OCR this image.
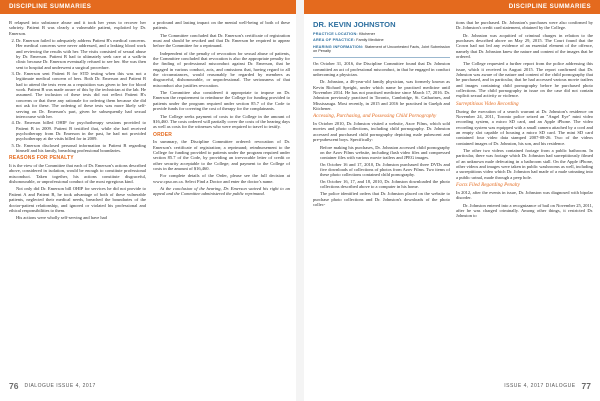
DISCIPLINE SUMMARIES	DISCIPLINE SUMMARIES

B relapsed into substance abuse and it took her years to recover her sobriety. Patient B was clearly a vulnerable patient, exploited by Dr. Emerson.

2. Dr. Emerson failed to adequately address Patient B's medical concerns. Her medical concerns were never addressed, and a leaking blood work and reviewing the results with her. The visits consisted of sexual abuse by Dr. Emerson. Patient B had to ultimately seek care at a walk-in clinic because Dr. Emerson eventually refused to see her. She was then sent to hospital and underwent a surgical procedure.
3. Dr. Emerson sent Patient B for STD testing when this was not a legitimate medical concern of hers. Both Dr. Emerson and Patient B had to attend the tests even as a requisition was given to her for blood work. Patient B was made aware of this by the technician at the lab. He assumed. The inclusion of these tests did not reflect Patient B's concerns or that there any rationale for ordering them because she did not ask for these. The ordering of these tests was more likely self-serving on Dr. Emerson's part, given he subsequently had sexual intercourse with her.
4. Dr. Emerson billed OHIP for psychotherapy sessions provided to Patient B in 2009. Patient B testified that, while she had received psychotherapy from Dr. Emerson in the past, he had not provided psychotherapy at the visits billed for in 2009.
5. Dr. Emerson disclosed personal information to Patient B regarding himself and his family, breaching professional boundaries.
REASONS FOR PENALTY

It is the view of the Committee that each of Dr. Emerson's actions described above, considered in isolation, would be enough to constitute professional misconduct. Taken together, his actions constitute disgraceful, dishonourable, or unprofessional conduct of the most egregious kind.

Not only did Dr. Emerson bill OHIP for services he did not provide to Patient A and Patient B, he took advantage of both of these vulnerable patients, neglected their medical needs, breached the boundaries of the doctor-patient relationship, and ignored or violated his professional and ethical responsibilities to them.

His actions were wholly self-serving and have had

a profound and lasting impact on the mental well-being of both of these patients.

The Committee concluded that Dr. Emerson's certificate of registration must and should be revoked and that Dr. Emerson be required to appear before the Committee for a reprimand.

Independent of the penalty of revocation for sexual abuse of patients, the Committee concluded that revocation is also the appropriate penalty for the finding of professional misconduct against Dr. Emerson, that he engaged in various conduct, acts, and omissions that, having regard to all the circumstances, would reasonably be regarded by members as disgraceful, dishonourable, or unprofessional. The seriousness of that misconduct also justifies revocation.

The Committee also considered it appropriate to impose on Dr. Emerson the requirement to reimburse the College for funding provided to patients under the program required under section 85.7 of the Code to provide funds for covering the cost of therapy for the complainants.

The College seeks payment of costs to the College in the amount of $16,460. The costs ordered will partially cover the costs of the hearing days as well as costs for the witnesses who were required to travel to testify.

ORDER

In summary, the Discipline Committee ordered: revocation of Dr. Emerson's certificate of registration; a reprimand; reimbursement to the College for funding provided to patients under the program required under section 85.7 of the Code, by providing an irrevocable letter of credit or other security acceptable to the College; and payment to the College of costs in the amount of $16,460.

For complete details of the Order, please see the full decision at www.cpso.on.ca. Select Find a Doctor and enter the doctor's name.

At the conclusion of the hearing, Dr. Emerson waived his right to an appeal and the Committee administered the public reprimand.

DR. KEVIN JOHNSTON
PRACTICE LOCATION: Kitchener
AREA OF PRACTICE: Family Medicine
HEARING INFORMATION: Statement of Uncontested Facts, Joint Submission on Penalty

On October 31, 2016, the Discipline Committee found that Dr. Johnston committed an act of professional misconduct, in that he engaged in conduct unbecoming a physician.

Dr. Johnston, a 46-year-old family physician, was formerly known as Kevin Richard Speight, under which name he practised medicine until November 2014. He has not practised medicine since March 17, 2016. Dr. Johnston previously practised in Toronto, Cambridge, St. Catharines, and Mississauga. Most recently, in 2015 and 2016 he practised in Guelph and Kitchener.

Accessing, Purchasing, and Possessing Child Pornography

In October 2010, Dr. Johnston visited a website, Azov Films, which sold movies and photo collections, including child pornography. Dr. Johnston accessed and purchased child pornography depicting male pubescent and pre-pubescent boys. Specifically:

• Before making his purchases, Dr. Johnston accessed child pornography on the Azov Films website, including flash video files and compressed container files with various movie trailers and JPEG images.
• On October 16 and 17, 2010, Dr. Johnston purchased three DVDs and five downloads of collections of photos from Azov Films. Two items of these photo collections contained child pornography.
• On October 16, 17, and 18, 2010, Dr. Johnston downloaded the photo collections described above to a computer in his home.

The police identified orders that Dr. Johnston placed on the website to purchase photo collections and Dr. Johnston's downloads of the photo collec-

tions that he purchased. Dr. Johnston's purchases were also confirmed by Dr. Johnston's credit card statement, obtained by the College.

Dr. Johnston was acquitted of criminal charges in relation to the purchases described above on May 29, 2015. The Court found that the Crown had not led any evidence of an essential element of the offence, namely that Dr. Johnston knew the nature and content of the images that he ordered.

The College requested a further report from the police addressing this issue, which it received in August 2015. The report confirmed that Dr. Johnston was aware of the nature and content of the child pornography that he purchased, and in particular, that he had accessed various movie trailers and images containing child pornography before he purchased photo collections. The child pornography in issue on the case did not contain explicit sexual activity or violence.

Surreptitious Video Recording

During the execution of a search warrant at Dr. Johnston's residence on November 24, 2011, Toronto police seized an "Angel Eye" mini video recording system, a micro SD card, and an Apple iPhone. The video recording system was equipped with a small camera attached by a cord and an empty slot capable of housing a micro SD card. The mini SD card contained four video data stamped 2007-08-26. Two of the videos contained images of Dr. Johnston, his son, and his residence.

The other two videos contained footage from a public bathroom. In particular, there was footage which Dr. Johnston had surreptitiously filmed of an unknown male defecating in a bathroom stall. On the Apple iPhone, other videos and images were taken in public washrooms as well, including a surreptitious video which Dr. Johnston had made of a male urinating into a public urinal, made through a peep hole.

Facts Filed Regarding Penalty

In 2012, after the events in issue, Dr. Johnston was diagnosed with bipolar disorder.

Dr. Johnston entered into a recognizance of bail on November 25, 2011, after he was charged criminally. Among other things, it restricted Dr. Johnston to

76 DIALOGUE ISSUE 4, 2017	ISSUE 4, 2017 DIALOGUE 77
